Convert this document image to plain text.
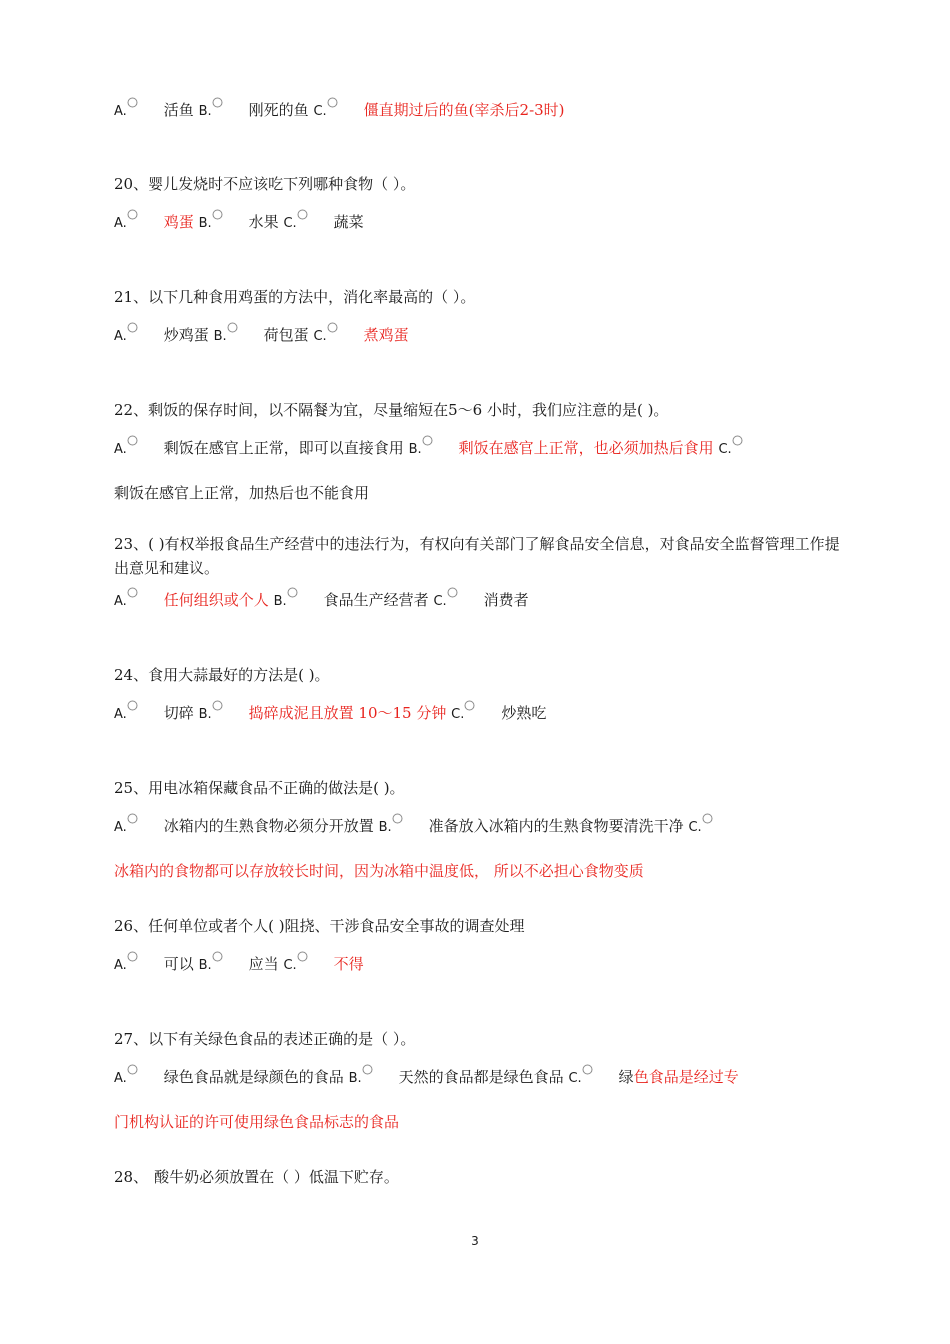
A. 活鱼 B. 刚死的鱼 C. 僵直期过后的鱼(宰杀后2-3时)
20、婴儿发烧时不应该吃下列哪种食物（ ）。
A. 鸡蛋 B. 水果 C. 蔬菜
21、以下几种食用鸡蛋的方法中，消化率最高的（ ）。
A. 炒鸡蛋 B. 荷包蛋 C. 煮鸡蛋
22、剩饭的保存时间，以不隔餐为宜，尽量缩短在5～6 小时，我们应注意的是( )。
A. 剩饭在感官上正常，即可以直接食用 B. 剩饭在感官上正常，也必须加热后食用 C.
剩饭在感官上正常，加热后也不能食用
23、( )有权举报食品生产经营中的违法行为，有权向有关部门了解食品安全信息，对食品安全监督管理工作提出意见和建议。
A. 任何组织或个人 B. 食品生产经营者 C. 消费者
24、食用大蒜最好的方法是( )。
A. 切碎 B. 捣碎成泥且放置 10～15 分钟 C. 炒熟吃
25、用电冰箱保藏食品不正确的做法是( )。
A. 冰箱内的生熟食物必须分开放置 B. 准备放入冰箱内的生熟食物要清洗干净 C.
冰箱内的食物都可以存放较长时间，因为冰箱中温度低， 所以不必担心食物变质
26、任何单位或者个人( )阻挠、干涉食品安全事故的调查处理
A. 可以 B. 应当 C. 不得
27、以下有关绿色食品的表述正确的是（ ）。
A. 绿色食品就是绿颜色的食品 B. 天然的食品都是绿色食品 C. 绿色食品是经过专
门机构认证的许可使用绿色食品标志的食品
28、 酸牛奶必须放置在（ ）低温下贮存。
3
